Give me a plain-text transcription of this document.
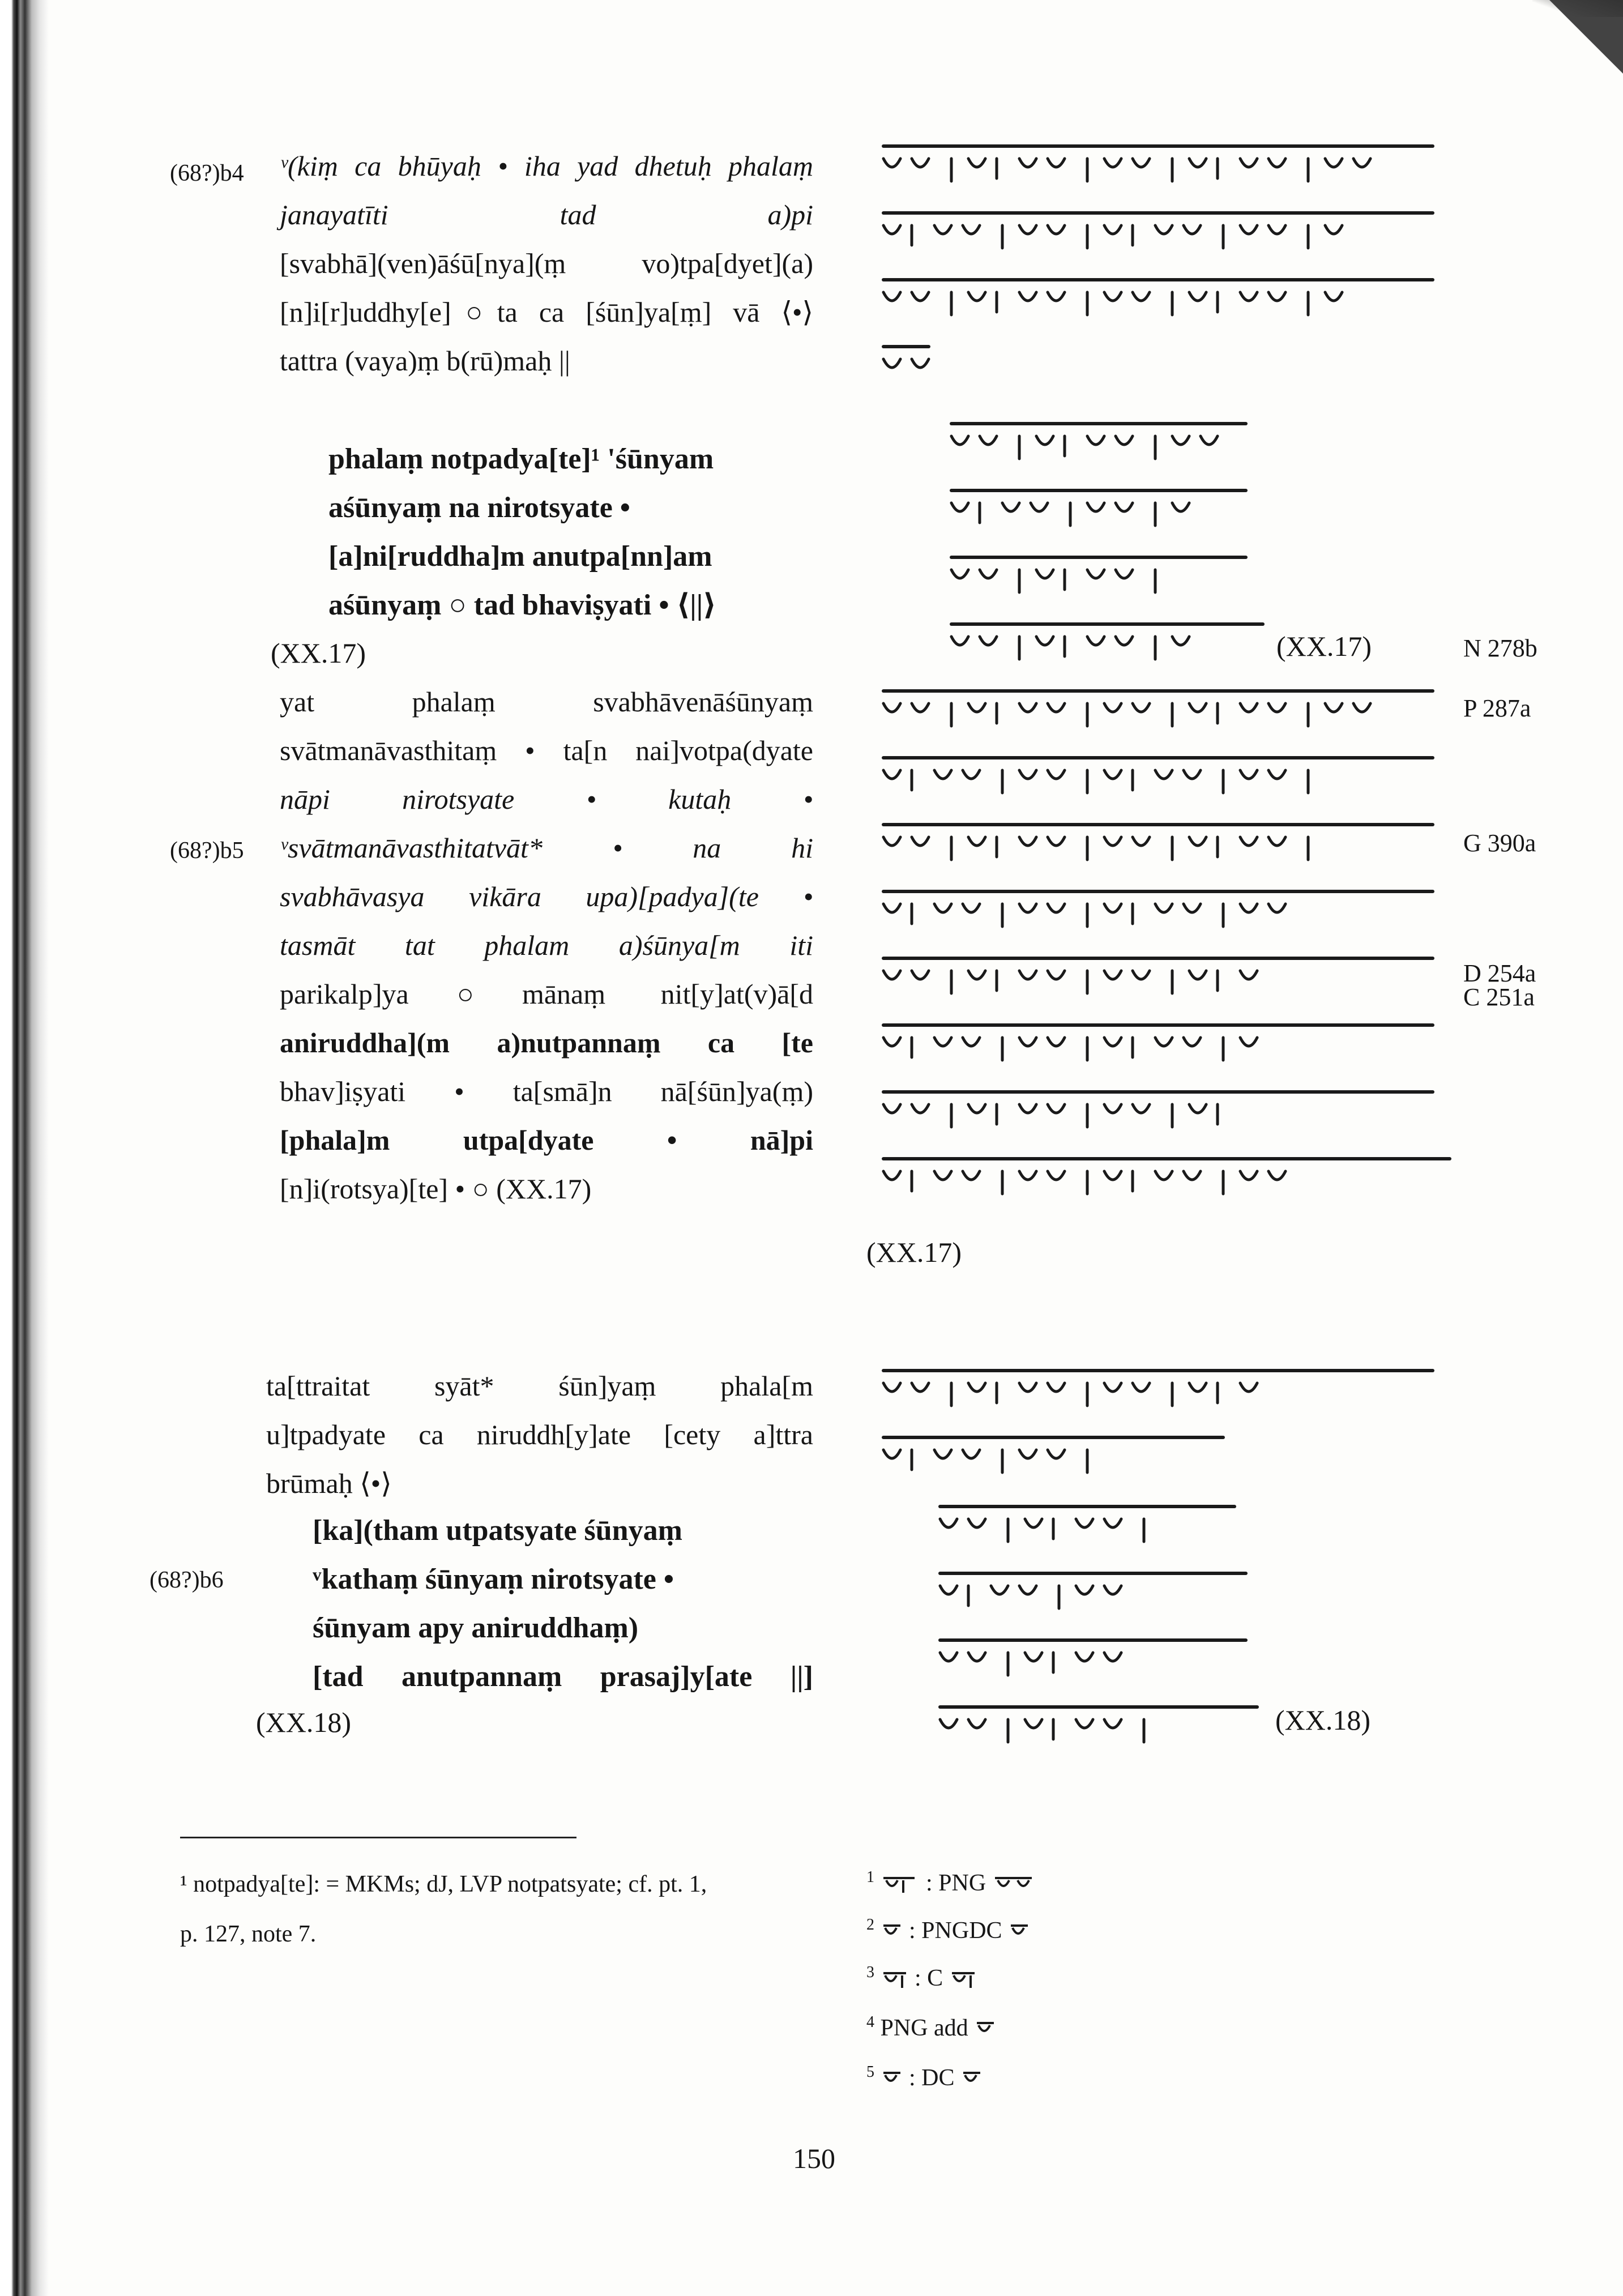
(68?)b4
(68?)b5
(68?)b6
ᵛ(kiṃ ca bhūyaḥ • iha yad dhetuḥ phalaṃ
janayatīti tad a)pi
[svabhā](ven)āśū[nya](ṃ vo)tpa[dyet](a)
[n]i[r]uddhy[e]○ta ca [śūn]ya[ṃ] vā ⟨•⟩
tattra (vaya)ṃ b(rū)maḥ ||
phalaṃ notpadya[te]¹ 'śūnyam
aśūnyaṃ na nirotsyate •
[a]ni[ruddha]m anutpa[nn]am
aśūnyaṃ ○ tad bhaviṣyati • ⟨||⟩
(XX.17)
yat phalaṃ svabhāvenāśūnyaṃ
svātmanāvasthitaṃ • ta[n nai]votpa(dyate
nāpi nirotsyate • kutaḥ •
ᵛsvātmanāvasthitatvāt* • na hi
svabhāvasya vikāra upa)[padya](te •
tasmāt tat phalam a)śūnya[m iti
parikalp]ya○mānaṃ nit[y]at(v)ā[d
aniruddha](m a)nutpannaṃ ca [te
bhav]iṣyati • ta[smā]n nā[śūn]ya(ṃ)
[phala]m utpa[dyate • nā]pi
[n]i(rotsya)[te] • ○ (XX.17)
ta[ttraitat syāt* śūn]yaṃ phala[m
u]tpadyate ca niruddh[y]ate [cety a]ttra
brūmaḥ ⟨•⟩
[ka](tham utpatsyate śūnyaṃ
ᵛkathaṃ śūnyaṃ nirotsyate •
śūnyam apy aniruddhaṃ)
[tad anutpannaṃ prasaj]y[ate ||]
(XX.18)
(XX.17)
(XX.17)
(XX.18)
N 278b
P 287a
G 390a
D 254a
C 251a
¹ notpadya[te]: = MKMs; dJ, LVP notpatsyate; cf. pt. 1,
p. 127, note 7.
$^1$ : PNG
$^2$ : PNGDC
$^3$ : C
$^4$ PNG add
$^5$ : DC
150
